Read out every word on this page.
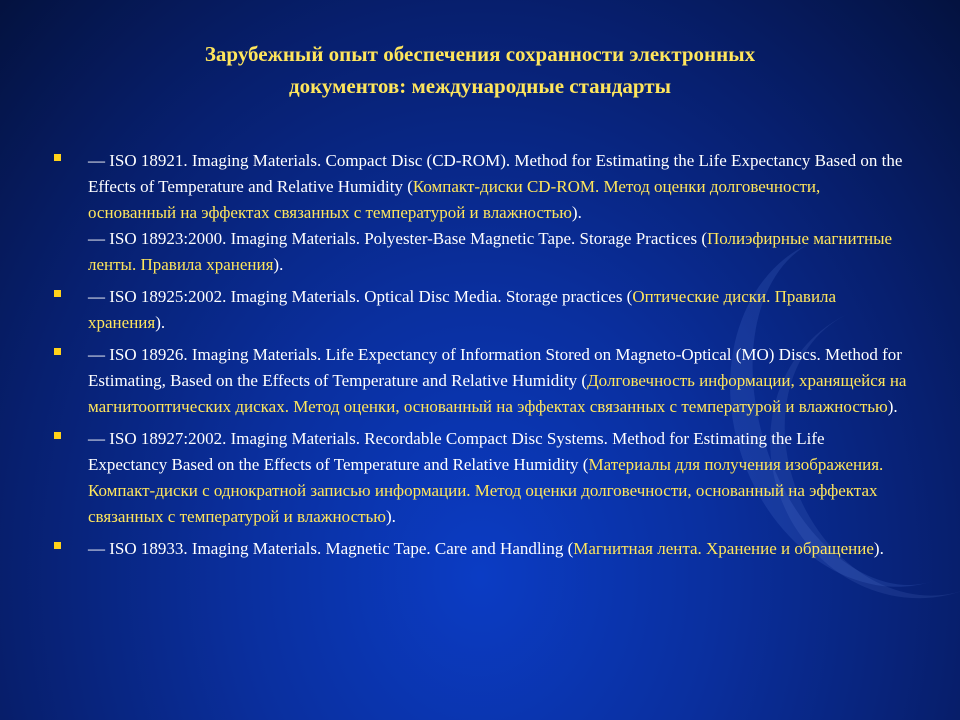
Зарубежный опыт обеспечения сохранности электронных
документов: международные стандарты
— ISO 18921. Imaging Materials. Compact Disc (CD-ROM). Method for Estimating the Life Expectancy Based on the Effects of Temperature and Relative Humidity (Компакт-диски CD-ROM. Метод оценки долговечности, основанный на эффектах связанных с температурой и влажностью).
— ISO 18923:2000. Imaging Materials. Polyester-Base Magnetic Tape. Storage Practices (Полиэфирные магнитные ленты. Правила хранения).
— ISO 18925:2002. Imaging Materials. Optical Disc Media. Storage practices (Оптические диски. Правила хранения).
— ISO 18926. Imaging Materials. Life Expectancy of Information Stored on Magneto-Optical (MO) Discs. Method for Estimating, Based on the Effects of Temperature and Relative Humidity (Долговечность информации, хранящейся на магнитооптических дисках. Метод оценки, основанный на эффектах связанных с температурой и влажностью).
— ISO 18927:2002. Imaging Materials. Recordable Compact Disc Systems. Method for Estimating the Life Expectancy Based on the Effects of Temperature and Relative Humidity (Материалы для получения изображения. Компакт-диски с однократной записью информации. Метод оценки долговечности, основанный на эффектах связанных с температурой и влажностью).
— ISO 18933. Imaging Materials. Magnetic Tape. Care and Handling (Магнитная лента. Хранение и обращение).
